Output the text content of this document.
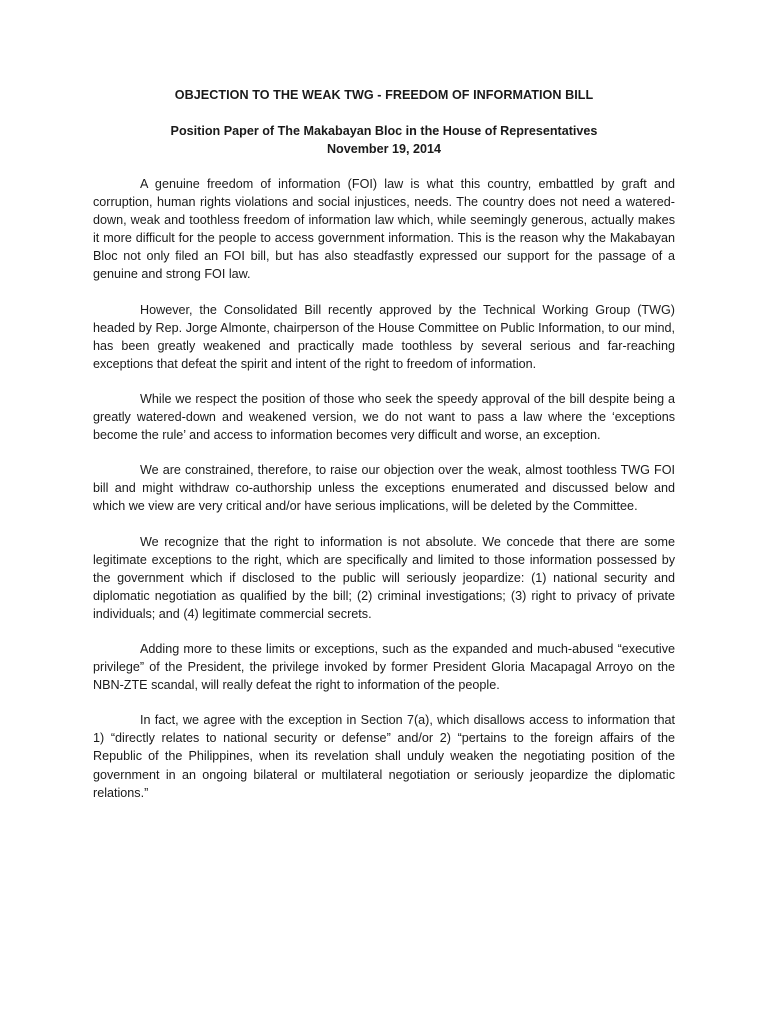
OBJECTION TO THE WEAK TWG - FREEDOM OF INFORMATION BILL

Position Paper of The Makabayan Bloc in the House of Representatives

November 19, 2014

A genuine freedom of information (FOI) law is what this country, embattled by graft and corruption, human rights violations and social injustices, needs. The country does not need a watered-down, weak and toothless freedom of information law which, while seemingly generous, actually makes it more difficult for the people to access government information. This is the reason why the Makabayan Bloc not only filed an FOI bill, but has also steadfastly expressed our support for the passage of a genuine and strong FOI law.

However, the Consolidated Bill recently approved by the Technical Working Group (TWG) headed by Rep. Jorge Almonte, chairperson of the House Committee on Public Information, to our mind, has been greatly weakened and practically made toothless by several serious and far-reaching exceptions that defeat the spirit and intent of the right to freedom of information.

While we respect the position of those who seek the speedy approval of the bill despite being a greatly watered-down and weakened version, we do not want to pass a law where the ‘exceptions become the rule’ and access to information becomes very difficult and worse, an exception.

We are constrained, therefore, to raise our objection over the weak, almost toothless TWG FOI bill and might withdraw co-authorship unless the exceptions enumerated and discussed below and which we view are very critical and/or have serious implications, will be deleted by the Committee.

We recognize that the right to information is not absolute. We concede that there are some legitimate exceptions to the right, which are specifically and limited to those information possessed by the government which if disclosed to the public will seriously jeopardize: (1) national security and diplomatic negotiation as qualified by the bill; (2) criminal investigations; (3) right to privacy of private individuals; and (4) legitimate commercial secrets.

Adding more to these limits or exceptions, such as the expanded and much-abused “executive privilege” of the President, the privilege invoked by former President Gloria Macapagal Arroyo on the NBN-ZTE scandal, will really defeat the right to information of the people.

In fact, we agree with the exception in Section 7(a), which disallows access to information that 1) “directly relates to national security or defense” and/or 2) “pertains to the foreign affairs of the Republic of the Philippines, when its revelation shall unduly weaken the negotiating position of the government in an ongoing bilateral or multilateral negotiation or seriously jeopardize the diplomatic relations.”
